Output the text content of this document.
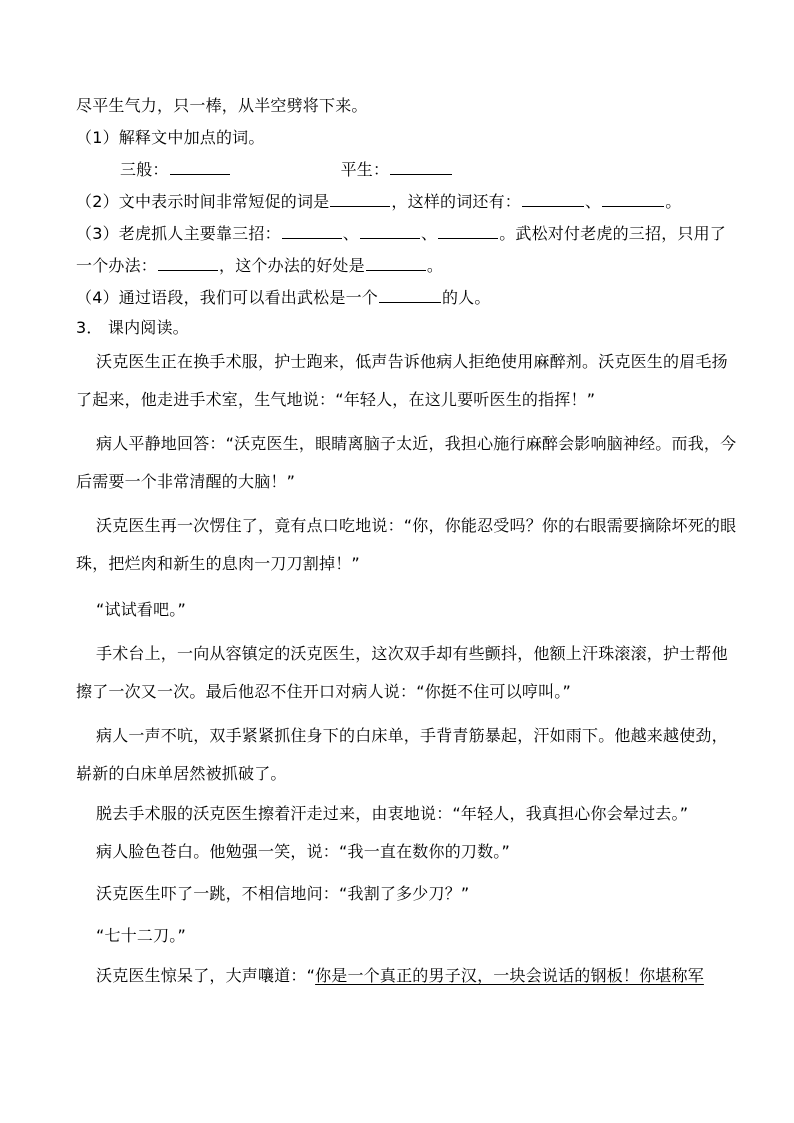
尽平生气力，只一棒，从半空劈将下来。
（1）解释文中加点的词。
三般：	平生：
（2）文中表示时间非常短促的词是	，这样的词还有：	、	。
（3）老虎抓人主要靠三招：	、	、	。武松对付老虎的三招，只用了
一个办法：	，这个办法的好处是	。
（4）通过语段，我们可以看出武松是一个	的人。
3． 课内阅读。
沃克医生正在换手术服，护士跑来，低声告诉他病人拒绝使用麻醉剂。沃克医生的眉毛扬
了起来，他走进手术室，生气地说：“年轻人，在这儿要听医生的指挥！”
病人平静地回答：“沃克医生，眼睛离脑子太近，我担心施行麻醉会影响脑神经。而我，今
后需要一个非常清醒的大脑！”
沃克医生再一次愣住了，竟有点口吃地说：“你，你能忍受吗？你的右眼需要摘除坏死的眼
珠，把烂肉和新生的息肉一刀刀割掉！”
“试试看吧。”
手术台上，一向从容镇定的沃克医生，这次双手却有些颤抖，他额上汗珠滚滚，护士帮他
擦了一次又一次。最后他忍不住开口对病人说：“你挺不住可以哼叫。”
病人一声不吭，双手紧紧抓住身下的白床单，手背青筋暴起，汗如雨下。他越来越使劲，
崭新的白床单居然被抓破了。
脱去手术服的沃克医生擦着汗走过来，由衷地说：“年轻人，我真担心你会晕过去。”
病人脸色苍白。他勉强一笑，说：“我一直在数你的刀数。”
沃克医生吓了一跳，不相信地问：“我割了多少刀？”
“七十二刀。”
沃克医生惊呆了，大声嚷道：“你是一个真正的男子汉，一块会说话的钢板！你堪称军
